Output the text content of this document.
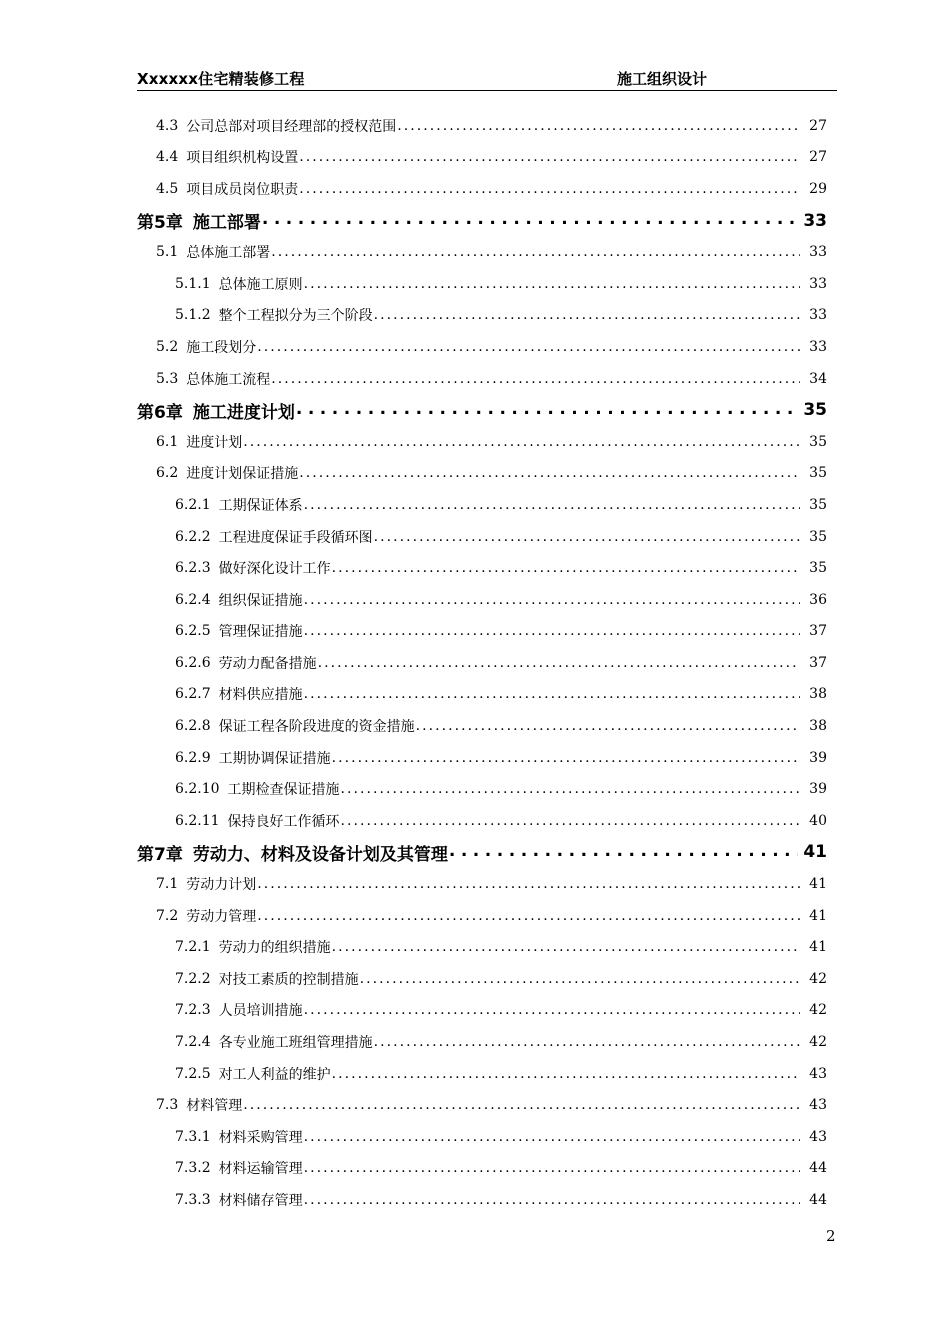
Xxxxxx住宅精装修工程	施工组织设计
4.3 公司总部对项目经理部的授权范围 . . .	27
4.4 项目组织机构设置 . . .	27
4.5 项目成员岗位职责 . . .	29
第5章 施工部署 . . .	33
5.1 总体施工部署 . . .	33
5.1.1 总体施工原则 . . .	33
5.1.2 整个工程拟分为三个阶段 . . .	33
5.2 施工段划分 . . .	33
5.3 总体施工流程 . . .	34
第6章 施工进度计划 . . .	35
6.1 进度计划 . . .	35
6.2 进度计划保证措施 . . .	35
6.2.1 工期保证体系 . . .	35
6.2.2 工程进度保证手段循环图 . . .	35
6.2.3 做好深化设计工作 . . .	35
6.2.4 组织保证措施 . . .	36
6.2.5 管理保证措施 . . .	37
6.2.6 劳动力配备措施 . . .	37
6.2.7 材料供应措施 . . .	38
6.2.8 保证工程各阶段进度的资金措施 . . .	38
6.2.9 工期协调保证措施 . . .	39
6.2.10 工期检查保证措施 . . .	39
6.2.11 保持良好工作循环 . . .	40
第7章 劳动力、材料及设备计划及其管理 . . .	41
7.1 劳动力计划 . . .	41
7.2 劳动力管理 . . .	41
7.2.1 劳动力的组织措施 . . .	41
7.2.2 对技工素质的控制措施 . . .	42
7.2.3 人员培训措施 . . .	42
7.2.4 各专业施工班组管理措施 . . .	42
7.2.5 对工人利益的维护 . . .	43
7.3 材料管理 . . .	43
7.3.1 材料采购管理 . . .	43
7.3.2 材料运输管理 . . .	44
7.3.3 材料储存管理 . . .	44
2
